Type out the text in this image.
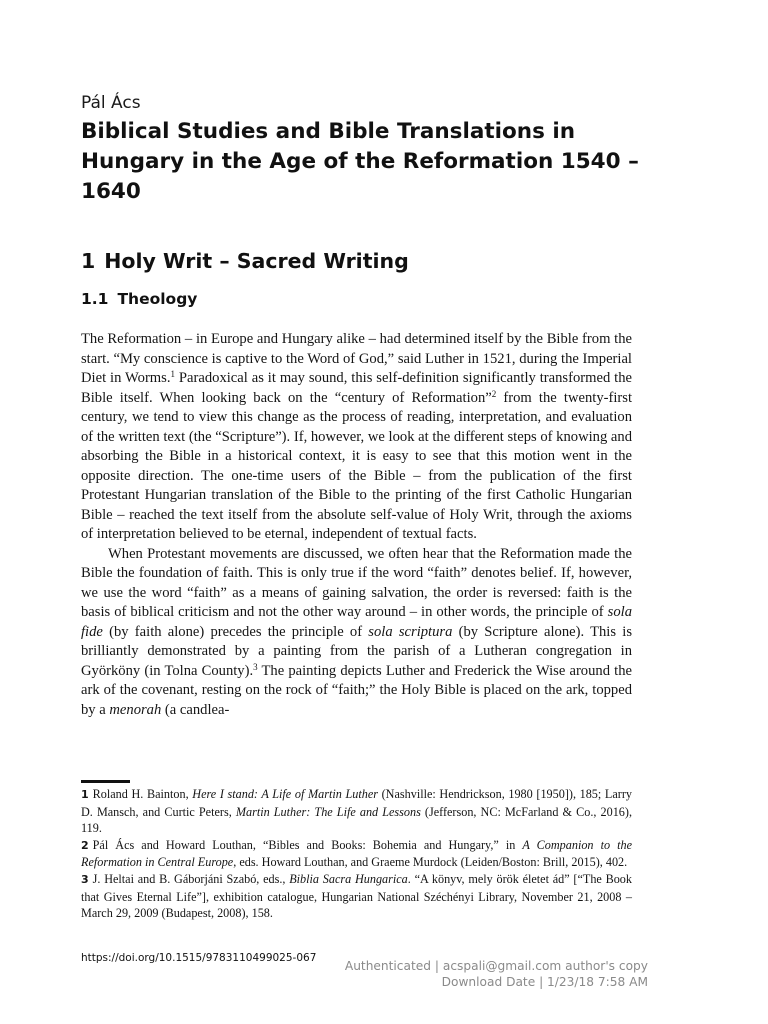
Pál Ács
Biblical Studies and Bible Translations in Hungary in the Age of the Reformation 1540 –1640
1 Holy Writ – Sacred Writing
1.1 Theology

The Reformation – in Europe and Hungary alike – had determined itself by the Bible from the start. “My conscience is captive to the Word of God,” said Luther in 1521, during the Imperial Diet in Worms.$^1$ Paradoxical as it may sound, this self-definition significantly transformed the Bible itself. When looking back on the “century of Reformation”$^2$ from the twenty-first century, we tend to view this change as the process of reading, interpretation, and evaluation of the written text (the “Scripture”). If, however, we look at the different steps of knowing and absorbing the Bible in a historical context, it is easy to see that this motion went in the opposite direction. The one-time users of the Bible – from the publication of the first Protestant Hungarian translation of the Bible to the printing of the first Catholic Hungarian Bible – reached the text itself from the absolute self-value of Holy Writ, through the axioms of interpretation believed to be eternal, independent of textual facts.

When Protestant movements are discussed, we often hear that the Reformation made the Bible the foundation of faith. This is only true if the word “faith” denotes belief. If, however, we use the word “faith” as a means of gaining salvation, the order is reversed: faith is the basis of biblical criticism and not the other way around – in other words, the principle of sola fide (by faith alone) precedes the principle of sola scriptura (by Scripture alone). This is brilliantly demonstrated by a painting from the parish of a Lutheran congregation in Györköny (in Tolna County).$^3$ The painting depicts Luther and Frederick the Wise around the ark of the covenant, resting on the rock of “faith;” the Holy Bible is placed on the ark, topped by a menorah (a candlea-

1 Roland H. Bainton, Here I stand: A Life of Martin Luther (Nashville: Hendrickson, 1980 [1950]), 185; Larry D. Mansch, and Curtic Peters, Martin Luther: The Life and Lessons (Jefferson, NC: McFarland & Co., 2016), 119.

2 Pál Ács and Howard Louthan, “Bibles and Books: Bohemia and Hungary,” in A Companion to the Reformation in Central Europe, eds. Howard Louthan, and Graeme Murdock (Leiden/Boston: Brill, 2015), 402.

3 J. Heltai and B. Gáborjáni Szabó, eds., Biblia Sacra Hungarica. “A könyv, mely örök életet ád” [“The Book that Gives Eternal Life”], exhibition catalogue, Hungarian National Széchényi Library, November 21, 2008 – March 29, 2009 (Budapest, 2008), 158.

https://doi.org/10.1515/9783110499025-067
Authenticated | acspali@gmail.com author's copy
Download Date | 1/23/18 7:58 AM
